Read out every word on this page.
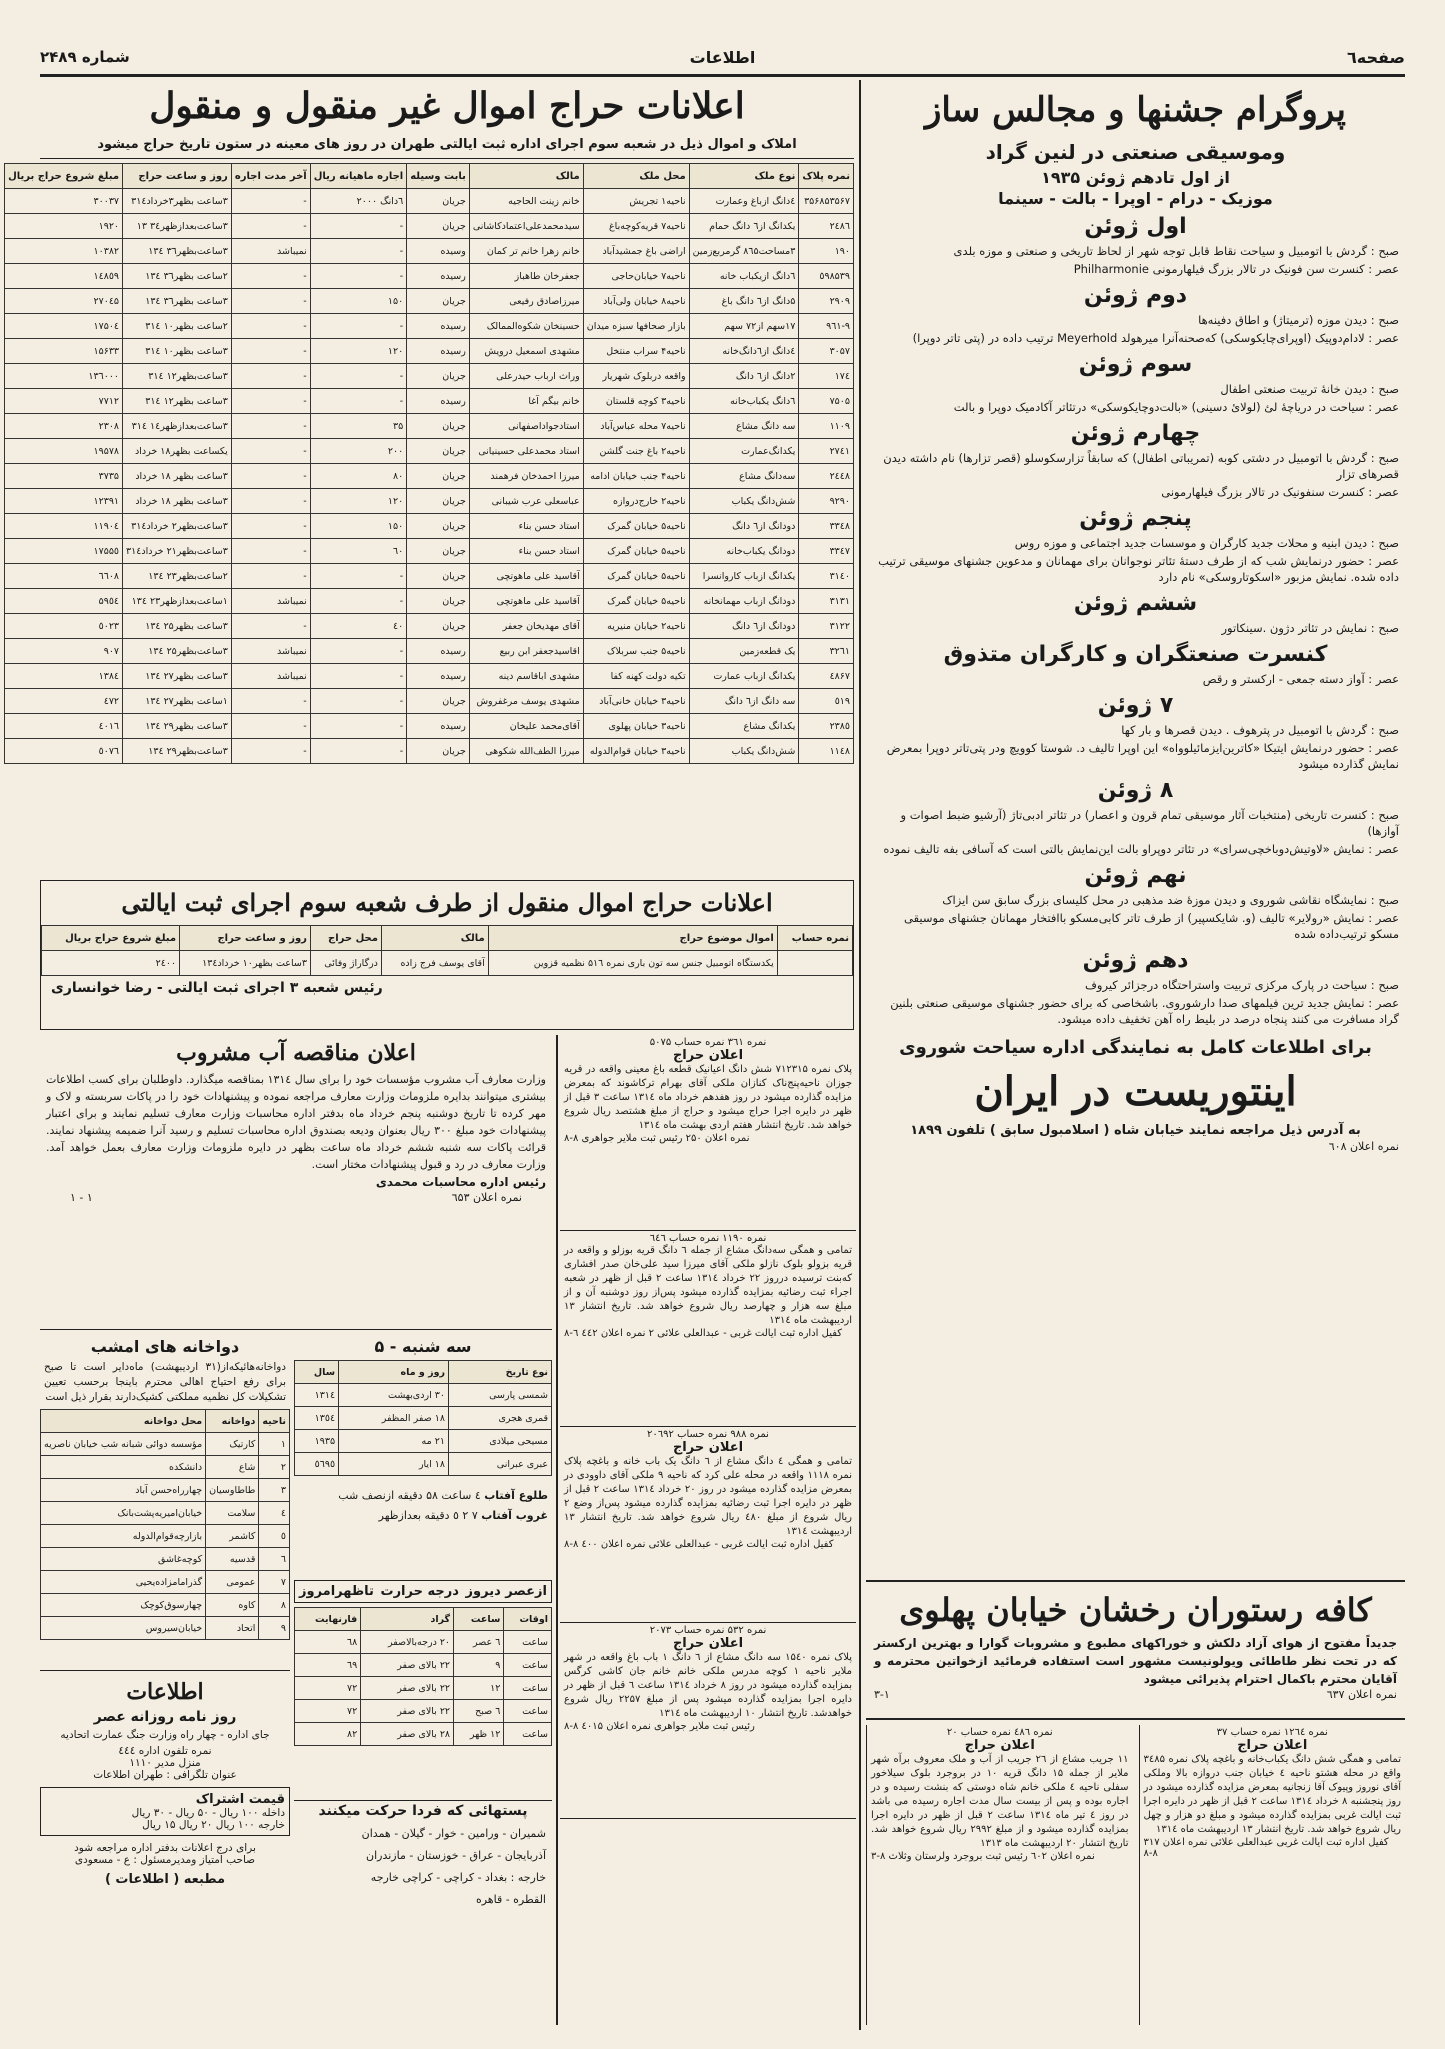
صفحه٦
اطلاعات
شماره ۲۴۸۹
اعلانات حراج اموال غیر منقول و منقول
املاک و اموال ذیل در شعبه سوم اجرای اداره ثبت ایالتی طهران در روز های معینه در ستون تاریخ حراج میشود
نمره پلاک	نوع ملک	محل ملک	مالک	بابت وسیله	اجاره ماهیانه ریال	آخر مدت اجاره	روز و ساعت حراج	مبلغ شروع حراج بریال
۳۵۶۸۵۳۵۶۷	٤دانگ ازباغ وعمارت	ناحیه۱ تجریش	خانم زینت الحاجیه	جریان	٦دانگ ۲۰۰۰	-	۳ساعت بظهر۳خرداد۳۱٤	۳۰۰۳۷
۲٤۸٦	یکدانگ از٦ دانگ حمام	ناحیه۷ قریه‌کوچه‌باغ	سیدمحمدعلی‌اعتمادکاشانی	جریان	-	-	۳ساعت‌بعدازظهر۳٤ ۱۳	۱۹۲۰
۱۹۰	۳مساحت۸٦۵ گرمربع‌زمین	اراضی باغ جمشیدآباد	خانم زهرا خانم تر کمان	وسیده	-	نمیباشد	۳ساعت‌بظهر۳٦ ۱۳٤	۱۰۳۸۲
٥۹۸۵۳۹	٦دانگ ازیکباب خانه	ناحیه۷ خیابان‌حاجی	جعفرخان طاهباز	رسیده	-	-	۲ساعت بظهر۳٦ ۱۳٤	۱٤۸٥۹
۲۹۰۹	۵دانگ از٦ دانگ باغ	ناحیه۸ خیابان ولی‌آباد	میرزاصادق رفیعی	جریان	۱۵۰	-	۳ساعت بظهر۳٦ ۱۳٤	۲۷۰٤۵
۹٦۱-۹	۱۷سهم از۷۲ سهم	بازار صحافها سبزه میدان	حسینخان شکوه‌الممالک	رسیده	-	-	۲ساعت بظهر۱۰ ۳۱٤	۱۷۵۰٤
۳۰۵۷	٤دانگ از٦دانگ‌خانه	ناحیه۴ سراب منتخل	مشهدی اسمعیل درویش	رسیده	۱۲۰	-	۳ساعت بظهر۱۰ ۳۱٤	۱۵۶۳۳
۱۷٤	۲دانگ از٦ دانگ	واقعه دربلوک شهریار	وراث ارباب حیدرعلی	جریان	-	-	۳ساعت‌بظهر۱۲ ۳۱٤	۱۳٦۰۰۰
۷۵۰۵	٦دانگ یکباب‌خانه	ناحیه۳ کوچه قلستان	خانم بیگم آغا	رسیده	-	-	۳ساعت بظهر۱۲ ۳۱٤	۷۷۱۲
۱۱۰۹	سه دانگ مشاع	ناحیه۷ محله عباس‌آباد	استادجواد‌اصفهانی	جریان	۳۵	-	۳ساعت‌بعدازظهر۱٤ ۳۱٤	۲۳۰۸
۲۷٤۱	یکدانگ‌عمارت	ناحیه۲ باغ جنت گلشن	استاد محمدعلی حسینیانی	جریان	۲۰۰	-	یکساعت بظهر۱۸ خرداد	۱۹۵۷۸
۲٤٤۸	سه‌دانگ مشاع	ناحیه۴ جنب خیابان ادامه	میرزا احمدخان فرهمند	جریان	۸۰	-	۳ساعت بظهر ۱۸ خرداد	۳۷۳۵
۹۲۹۰	شش‌دانگ یکباب	ناحیه۲ خارج‌دروازه	عباسعلی عرب شیبانی	جریان	۱۲۰	-	۳ساعت بظهر ۱۸ خرداد	۱۲۳۹۱
۳۳٤۸	دودانگ از٦ دانگ	ناحیه۵ خیابان گمرک	استاد حسن بناء	جریان	۱۵۰	-	۳ساعت‌بظهر۲ خرداد۳۱٤	۱۱۹۰٤
۳۳٤۷	دودانگ یکباب‌خانه	ناحیه۵ خیابان گمرک	استاد حسن بناء	جریان	٦۰	-	۳ساعت‌بظهر۲۱ خرداد۳۱٤	۱۷۵۵٥
۳۱٤۰	یکدانگ ازباب کاروانسرا	ناحیه۵ خیابان گمرک	آقاسید علی ماهوتچی	جریان	-	-	۲ساعت‌بظهر۲۳ ۱۳٤	٦٦۰۸
۳۱۳۱	دودانگ ازباب مهمانخانه	ناحیه۵ خیابان گمرک	آقاسید علی ماهوتچی	جریان	-	نمیباشد	۱ساعت‌بعدازظهر۲۳ ۱۳٤	۵۹٥٤
۳۱۲۲	دودانگ از٦ دانگ	ناحیه۲ خیابان منیریه	آقای مهدیخان جعفر	جریان	٤۰	-	۳ساعت بظهر۲۵ ۱۳٤	٥۰۲۳
۳۲٦۱	یک قطعه‌زمین	ناحیه۵ جنب سربلاک	اقاسیدجعفر ابن ربیع	رسیده	-	نمیباشد	۳ساعت‌بظهر۲۵ ۱۳٤	۹۰۷
٤۸۶۷	یکدانگ ازباب عمارت	تکیه دولت کهنه کفا	مشهدی اباقاسم دینه	رسیده	-	نمیباشد	۳ساعت بظهر۲۷ ۱۳٤	۱۳۸٤
٥۱۹	سه دانگ از٦ دانگ	ناحیه۳ خیابان خانی‌آباد	مشهدی یوسف مرغفروش	جریان	-	-	۱ساعت بظهر۲۷ ۱۳٤	٤۷۲
۲۳۸٥	یکدانگ مشاع	ناحیه۳ خیابان پهلوی	آقای‌محمد علیخان	رسیده	-	-	۳ساعت بظهر۲۹ ۱۳٤	٤۰۱٦
۱۱٤۸	شش‌دانگ یکباب	ناحیه۳ خیابان قوام‌الدوله	میرزا الطف‌الله شکوهی	جریان	-	-	۳ساعت‌بظهر۲۹ ۱۳٤	٥۰۷٦
اعلانات حراج اموال منقول از طرف شعبه سوم اجرای ثبت ایالتی
نمره حساب	اموال موضوع حراج	مالک	محل حراج	روز و ساعت حراج	مبلغ شروع حراج بریال
	یکدستگاه اتومبیل جنس سه تون باری نمره ۵۱٦ نظمیه قزوین	آقای یوسف فرج زاده	درگاراژ وفائی	۳ساعت بظهر۱۰ خرداد۱۳٤	۲٤۰۰
رئیس شعبه ۳ اجرای ثبت ایالتی - رضا خوانساری
اعلان مناقصه آب مشروب
وزارت معارف آب مشروب مؤسسات خود را برای سال ۱۳۱٤ بمناقصه میگذارد. داوطلبان برای کسب اطلاعات بیشتری میتوانند بدایره ملزومات وزارت معارف مراجعه نموده و پیشنهادات خود را در پاکات سربسته و لاک و مهر کرده تا تاریخ دوشنبه پنجم خرداد ماه بدفتر اداره محاسبات وزارت معارف تسلیم نمایند و برای اعتبار پیشنهادات خود مبلغ ۳۰۰ ریال بعنوان ودیعه بصندوق اداره محاسبات تسلیم و رسید آنرا ضمیمه پیشنهاد نمایند. قرائت پاکات سه شنبه ششم خرداد ماه ساعت بظهر در دایره ملزومات وزارت معارف بعمل خواهد آمد. وزارت معارف در رد و قبول پیشنهادات مختار است.
رئیس اداره محاسبات محمدی
نمره اعلان ٦۵۳
۱ - ۱
نمره ۳٦۱ نمره حساب ۵۰۷۵
اعلان حراج
پلاک نمره ۷۱۲۳۱۵ شش دانگ اعیانیک قطعه باغ معینی واقعه در قریه جوزان ناحیه‌پنج‌ناک کنازان ملکی آقای بهرام ترکاشوند که بمعرض مزایده گذارده میشود در روز هفدهم خرداد ماه ۱۳۱٤ ساعت ۳ قبل از ظهر در دایره اجرا حراج میشود و حراج از مبلغ هشتصد ریال شروع خواهد شد. تاریخ انتشار هفتم اردی بهشت ماه ۱۳۱٤
نمره اعلان ۲۵۰ رئیس ثبت ملایر جواهری ۸-۸
نمره ۱۱۹۰ نمره حساب ٦٤٦
تمامی و همگی سه‌دانگ مشاع از جمله ٦ دانگ قریه بوزلو و واقعه در قریه بزولو بلوک نازلو ملکی آقای میرزا سید علی‌خان صدر افشاری که‌بنت ترسیده درروز ٢٢ خرداد ۱۳۱٤ ساعت ۲ قبل از ظهر در شعبه اجراء ثبت رضائیه بمزایده گذارده میشود پس‌از روز دوشنبه آن و از مبلغ سه هزار و چهارصد ریال شروع خواهد شد. تاریخ انتشار ۱۳ اردیبهشت ماه ۱۳۱٤
کفیل اداره ثبت ایالت غربی - عبدالعلی علائی ۲ نمره اعلان ٤٤۲ ٦-۸
نمره ۹۸۸ نمره حساب ۲۰٦۹۲
اعلان حراج
تمامی و همگی ٤ دانگ مشاع از ٦ دانگ یک باب خانه و باغچه پلاک نمره ۱۱۱۸ واقعه در محله علی کرد که‌ ناحیه ۹ ملکی آقای داوودی در بمعرض مزایده گذارده میشود در روز ۲۰ خرداد ۱۳۱٤ ساعت ۲ قبل از ظهر در دایره اجرا ثبت رضائیه بمزایده گذارده میشود پس‌از وضع ۲ ریال شروع از مبلغ ٤۸۰ ریال شروع خواهد شد. تاریخ انتشار ۱۳ اردیبهشت ۱۳۱٤
کفیل اداره ثبت ایالت غربی - عبدالعلی علائی نمره اعلان ٤۰۰ ۸-۸
نمره ۵۳۲ نمره حساب ۲۰۷۳
اعلان حراج
پلاک نمره ۱۵٤۰ سه دانگ مشاع از ٦ دانگ ۱ باب باغ واقعه در شهر ملایر ناحیه ۱ کوچه مدرس ملکی خانم خانم جان کاشی کرگس بمزایده گذارده میشود در روز ۸ خرداد ۱۳۱٤ ساعت ٦ قبل از ظهر در دایره اجرا بمزایده گذارده میشود پس از مبلغ ۲۲۵۷ ریال شروع خواهدشد. تاریخ انتشار ۱۰ اردیبهشت ماه ۱۳۱٤
رئیس ثبت ملایر جواهری نمره اعلان ٤۰۱۵ ۸-۸
دواخانه های امشب
دواخانه‌هائیکه‌از(۳۱ اردیبهشت) ماه‌دایر است تا صبح برای رفع احتیاج اهالی محترم باینجا برحسب تعیین تشکیلات کل نظمیه مملکتی کشیک‌دارند بقرار ذیل است
ناحیه	دواخانه	محل دواخانه
۱	کارتیک	مؤسسه دوائی شبانه شب خیابان ناصریه
۲	شاع	دانشکده
۳	طاطاوسیان	چهارراه‌حسن آباد
٤	سلامت	خیابان‌امیریه‌پشت‌بانک
٥	کاشمر	بازارچه‌قوام‌الدوله
٦	قدسیه	کوچه‌غاشق
٧	عمومی	گذرامامزاده‌یحیی
٨	کاوه	چهارسوق‌کوچک
٩	اتحاد	خیابان‌سیروس
سه شنبه - ۵
نوع تاریخ	روز و ماه	سال
شمسی پارسی	۳۰ اردی‌بهشت	۱۳۱٤
قمری هجری	۱۸ صفر المظفر	۱۳٥٤
مسیحی میلادی	۲۱ مه	۱۹۳۵
عبری عبرانی	۱۸ ایار	٥٦۹٥
طلوع آفتاب ٤ ساعت ۵۸ دقیقه ازنصف شب
غروب آفتاب ۷ ۲ ٥ دقیقه بعدازظهر
ازعصر دیروز
درجه حرارت
تاظهرامروز
اوقات	ساعت	گراد	فارنهایت
ساعت	٦ عصر	۲۰ درجه‌بالاصفر	٦٨
ساعت	۹	۲۲ بالای صفر	٦٩
ساعت	۱۲	۲۲ بالای صفر	۷۲
ساعت	٦ صبح	۲۲ بالای صفر	۷۲
ساعت	۱۲ ظهر	۲۸ بالای صفر	۸۲
پستهائی که فردا حرکت میکنند
شمیران - ورامین - خوار - گیلان - همدان
آذربایجان - عراق - خوزستان - مازندران
خارجه : بغداد - کراچی - کراچی خارجه
القطره - قاهره
اطلاعات
روز نامه روزانه عصر
جای اداره - چهار راه وزارت جنگ عمارت اتحادیه
نمره تلفون اداره ٤٤٤
منزل مدیر ۱۱۱۰
عنوان تلگرافی : طهران اطلاعات
قیمت اشتراک
داخله ۱۰۰ ریال - ۵۰ ریال - ۳۰ ریال
خارجه ۱۰۰ ریال ۲۰ ریال ۱۵ ریال
برای درج اعلانات بدفتر اداره مراجعه شود
صاحب امتیاز ومدیرمسئول : ع - مسعودی
مطبعه ( اطلاعات )
پروگرام جشنها و مجالس ساز
وموسیقی صنعتی در لنین گراد
از اول تادهم ژوئن ۱۹۳۵
موزیک - درام - اوپرا - بالت - سینما
اول ژوئن

صبح : گردش با اتومبیل و سیاحت نقاط قابل توجه شهر از لحاظ تاریخی و صنعتی و موزه بلدی

عصر : کنسرت سن فونیک در تالار بزرگ فیلهارمونی Philharmonie

دوم ژوئن

صبح : دیدن موزه (ترمیتاژ) و اطاق دفینه‌ها

عصر : لادام‌دوپیک (اوپرای‌چایکوسکی) که‌صحنه‌آنرا میرهولد Meyerhold ترتیب داده در (پتی تاتر دوپرا)

سوم ژوئن

صبح : دیدن خانهٔ تربیت صنعتی اطفال

عصر : سیاحت در دریاچهٔ لئ (لولائ دسینی) «بالت‌دوچایکوسکی» درتئاتر آکادمیک دوپرا و بالت

چهارم ژوئن

صبح : گردش با اتومبیل در دشتی کوبه (تمریباتی اطفال) که سابقاً تزارسکوسلو (قصر تزارها) نام داشته دیدن قصرهای تزار

عصر : کنسرت سنفونیک در تالار بزرگ فیلهارمونی

پنجم ژوئن

صبح : دیدن ابنیه و محلات جدید کارگران و موسسات جدید اجتماعی و موزه روس

عصر : حضور درنمایش شب که از طرف دستهٔ تئاتر نوجوانان برای مهمانان و مدعوین جشنهای موسیقی ترتیب داده شده. نمایش مزبور «اسکوتاروسکی» نام دارد

ششم ژوئن

صبح : نمایش در تئاتر دژون .سینکاتور

کنسرت صنعتگران و کارگران متذوق

عصر : آواز دسته جمعی - ارکستر و رقص

۷ ژوئن

صبح : گردش با اتومبیل در پترهوف . دیدن قصرها و بار کها

عصر : حضور درنمایش ایتیکا «کاترین‌ایزمائیلوواه» این اوپرا تالیف د. شوستا کوویچ ودر پتی‌تاتر دوپرا بمعرض نمایش گذارده میشود

۸ ژوئن

صبح : کنسرت تاریخی (منتخبات آثار موسیقی تمام قرون و اعصار) در تئاتر ادبی‌تاژ (آرشیو ضبط اصوات و آوازها)

عصر : نمایش «لاوتیش‌دوباخچی‌سرای» در تئاتر دوپراو بالت این‌نمایش بالتی است که آسافی بفه تالیف نموده

نهم ژوئن

صبح : نمایشگاه نقاشی شوروی و دیدن موزهٔ ضد مذهبی در محل کلیسای بزرگ سابق سن ایزاک

عصر : نمایش «رولایر» تالیف (و. شایکسپیر) از طرف تاتر کابی‌مسکو باافتخار مهمانان جشنهای موسیقی مسکو ترتیب‌داده شده

دهم ژوئن

صبح : سیاحت در پارک مرکزی تربیت واستراحتگاه درجزائر کیروف

عصر : نمایش جدید ترین فیلمهای صدا دارشوروی. باشخاصی که برای حضور جشنهای موسیقی صنعتی بلنین گراد مسافرت می کنند پنجاه درصد در بلیط راه آهن تخفیف داده میشود.

برای اطلاعات کامل به نمایندگی اداره سیاحت شوروی
اینتوریست در ایران
به آدرس ذیل مراجعه نمایند خیابان شاه ( اسلامبول سابق ) تلفون ۱۸۹۹
نمره اعلان ٦۰۸
کافه رستوران رخشان خیابان پهلوی
جدیداً مفتوح از هوای آزاد دلکش و خوراکهای مطبوع و مشروبات گوارا و بهترین ارکستر که در تحت نظر طاطائی ویولونیست مشهور است استفاده فرمائید ازخواتین محترمه و آقایان محترم باکمال احترام پذیرائی میشود
نمره اعلان ٦۳۷
۳-۱
نمره ۱۲٦٤ نمره حساب ۳۷
اعلان حراج
تمامی و همگی شش دانگ یکباب‌خانه و باغچه پلاک نمره ۳٤۸۵ واقع در محله هشتو ناحیه ٤ خیابان جنب دروازه‌ بالا وملکی آقای نوروز وپیوک آقا زنجانیه بمعرض مزایده گذارده میشود در روز پنجشنبه ۸ خرداد ۱۳۱٤ ساعت ۲ قبل از ظهر در دایره اجرا ثبت ایالت غربی بمزایده گذارده میشود و مبلغ دو هزار و چهل ریال شروع خواهد شد. تاریخ انتشار ۱۳ اردیبهشت ماه ۱۳۱٤
کفیل اداره ثبت ایالت غربی عبدالعلی علائی نمره اعلان ۳۱۷ ۸-۸
نمره ٤۸٦ نمره حساب ۲۰
اعلان حراج
۱۱ جریب مشاع از ۲٦ جریب از آب و ملک معروف برآه شهر ملایر از جمله ۱۵ دانگ قریه ۱۰ در بروجرد بلوک سیلاخور سفلی ناحیه ٤ ملکی خانم شاه دوستی که بنشت رسیده و در اجاره بوده و پس از بیست سال مدت اجاره رسیده می باشد در روز ٤ تیر ماه ۱۳۱٤ ساعت ۲ قبل از ظهر در دایره اجرا بمزایده گذارده میشود و از مبلغ ۲۹۹۲ ریال شروع خواهد شد. تاریخ انتشار ۲۰ اردیبهشت ماه ۱۳۱۳
نمره اعلان ٦۰۲ رئیس ثبت بروجرد ولرستان وثلاث ۸-۳
